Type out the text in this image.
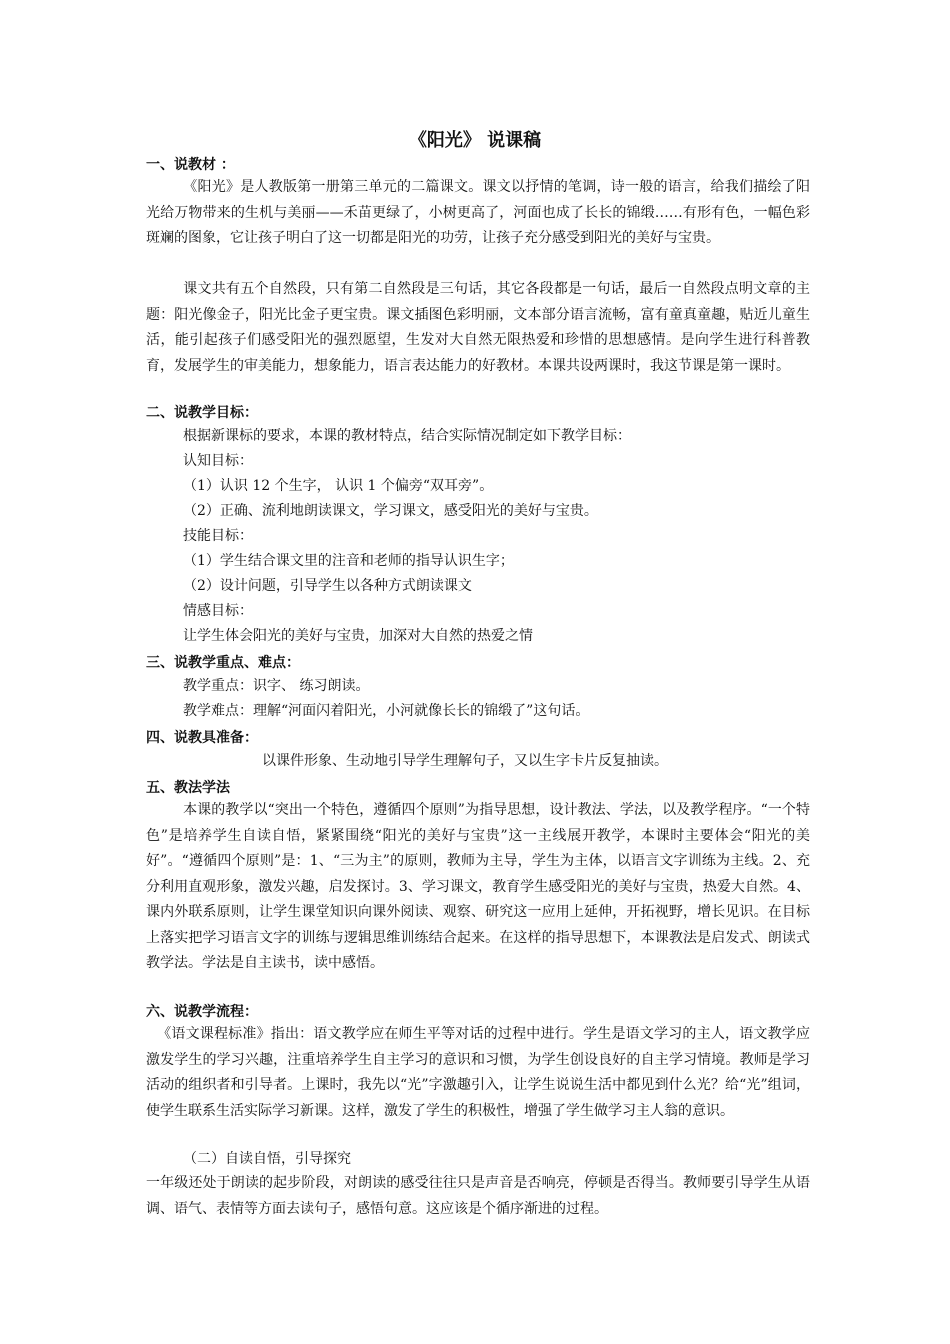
《阳光》 说课稿
一、说教材 ：
《阳光》是人教版第一册第三单元的二篇课文。课文以抒情的笔调，诗一般的语言，给我们描绘了阳光给万物带来的生机与美丽——禾苗更绿了，小树更高了，河面也成了长长的锦缎……有形有色，一幅色彩斑斓的图象，它让孩子明白了这一切都是阳光的功劳，让孩子充分感受到阳光的美好与宝贵。
课文共有五个自然段，只有第二自然段是三句话，其它各段都是一句话，最后一自然段点明文章的主题：阳光像金子，阳光比金子更宝贵。课文插图色彩明丽，文本部分语言流畅，富有童真童趣，贴近儿童生活，能引起孩子们感受阳光的强烈愿望，生发对大自然无限热爱和珍惜的思想感情。是向学生进行科普教育，发展学生的审美能力，想象能力，语言表达能力的好教材。本课共设两课时，我这节课是第一课时。
二、说教学目标：
根据新课标的要求，本课的教材特点，结合实际情况制定如下教学目标：
认知目标：
（1）认识 12 个生字， 认识 1 个偏旁“双耳旁”。
（2）正确、流利地朗读课文，学习课文，感受阳光的美好与宝贵。
技能目标：
（1）学生结合课文里的注音和老师的指导认识生字；
（2）设计问题，引导学生以各种方式朗读课文
情感目标：
让学生体会阳光的美好与宝贵，加深对大自然的热爱之情
三、说教学重点、难点：
教学重点：识字、 练习朗读。
教学难点：理解“河面闪着阳光，小河就像长长的锦缎了”这句话。
四、说教具准备：
以课件形象、生动地引导学生理解句子，又以生字卡片反复抽读。
五、教法学法
本课的教学以“突出一个特色，遵循四个原则”为指导思想，设计教法、学法，以及教学程序。“一个特色”是培养学生自读自悟，紧紧围绕“阳光的美好与宝贵”这一主线展开教学，本课时主要体会“阳光的美好”。“遵循四个原则”是：1、“三为主”的原则，教师为主导，学生为主体，以语言文字训练为主线。2、充分利用直观形象，激发兴趣，启发探讨。3、学习课文，教育学生感受阳光的美好与宝贵，热爱大自然。4、课内外联系原则，让学生课堂知识向课外阅读、观察、研究这一应用上延伸，开拓视野，增长见识。在目标上落实把学习语言文字的训练与逻辑思维训练结合起来。在这样的指导思想下，本课教法是启发式、朗读式教学法。学法是自主读书，读中感悟。
六、说教学流程：
《语文课程标准》指出：语文教学应在师生平等对话的过程中进行。学生是语文学习的主人，语文教学应激发学生的学习兴趣，注重培养学生自主学习的意识和习惯，为学生创设良好的自主学习情境。教师是学习活动的组织者和引导者。上课时，我先以“光”字激趣引入，让学生说说生活中都见到什么光？给“光”组词，使学生联系生活实际学习新课。这样，激发了学生的积极性，增强了学生做学习主人翁的意识。
（二）自读自悟，引导探究
一年级还处于朗读的起步阶段，对朗读的感受往往只是声音是否响亮，停顿是否得当。教师要引导学生从语调、语气、表情等方面去读句子，感悟句意。这应该是个循序渐进的过程。
